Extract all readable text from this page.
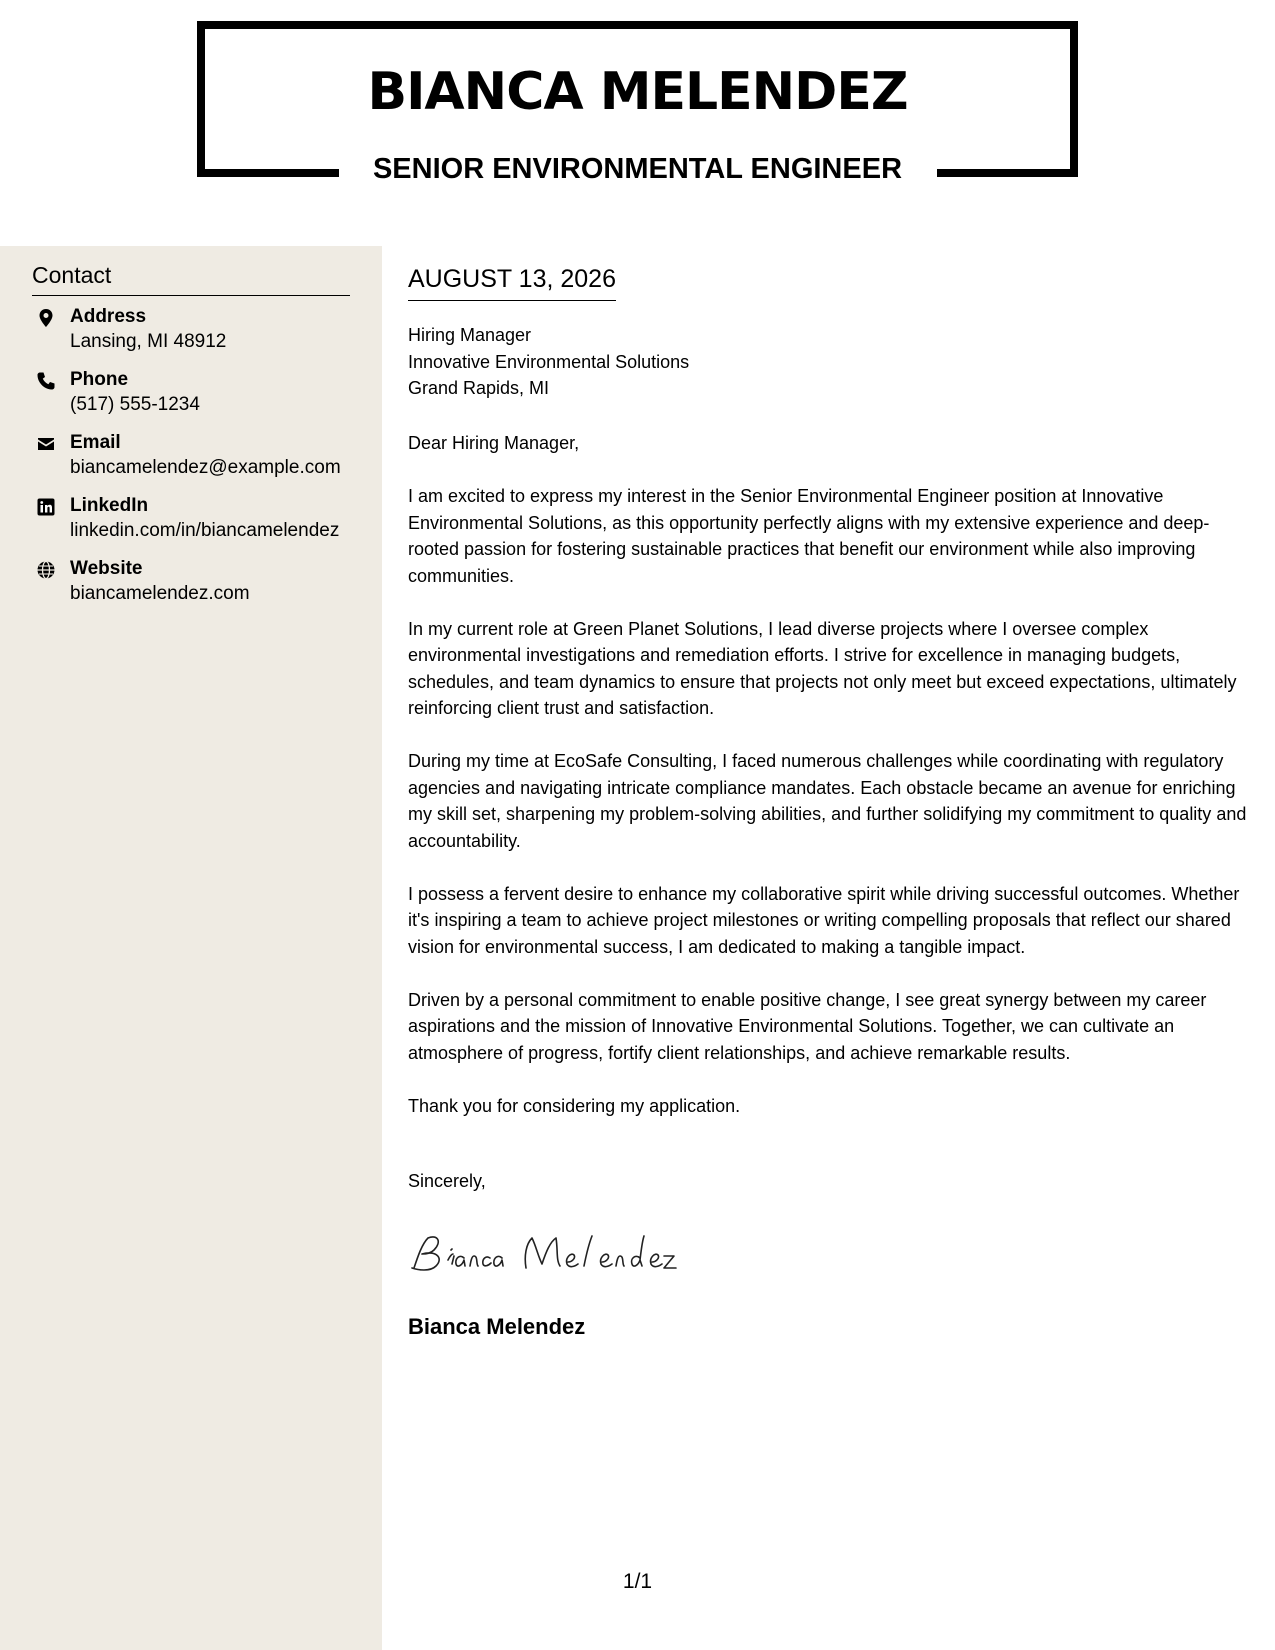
BIANCA MELENDEZ
SENIOR ENVIRONMENTAL ENGINEER
Contact
Address
Lansing, MI 48912
Phone
(517) 555-1234
Email
biancamelendez@example.com
LinkedIn
linkedin.com/in/biancamelendez
Website
biancamelendez.com
AUGUST 13, 2026
Hiring Manager
Innovative Environmental Solutions
Grand Rapids, MI
Dear Hiring Manager,

I am excited to express my interest in the Senior Environmental Engineer position at Innovative Environmental Solutions, as this opportunity perfectly aligns with my extensive experience and deep-rooted passion for fostering sustainable practices that benefit our environment while also improving communities.

In my current role at Green Planet Solutions, I lead diverse projects where I oversee complex environmental investigations and remediation efforts. I strive for excellence in managing budgets, schedules, and team dynamics to ensure that projects not only meet but exceed expectations, ultimately reinforcing client trust and satisfaction.

During my time at EcoSafe Consulting, I faced numerous challenges while coordinating with regulatory agencies and navigating intricate compliance mandates. Each obstacle became an avenue for enriching my skill set, sharpening my problem-solving abilities, and further solidifying my commitment to quality and accountability.

I possess a fervent desire to enhance my collaborative spirit while driving successful outcomes. Whether it's inspiring a team to achieve project milestones or writing compelling proposals that reflect our shared vision for environmental success, I am dedicated to making a tangible impact.

Driven by a personal commitment to enable positive change, I see great synergy between my career aspirations and the mission of Innovative Environmental Solutions. Together, we can cultivate an atmosphere of progress, fortify client relationships, and achieve remarkable results.

Thank you for considering my application.

Sincerely,
Bianca Melendez
1/1
